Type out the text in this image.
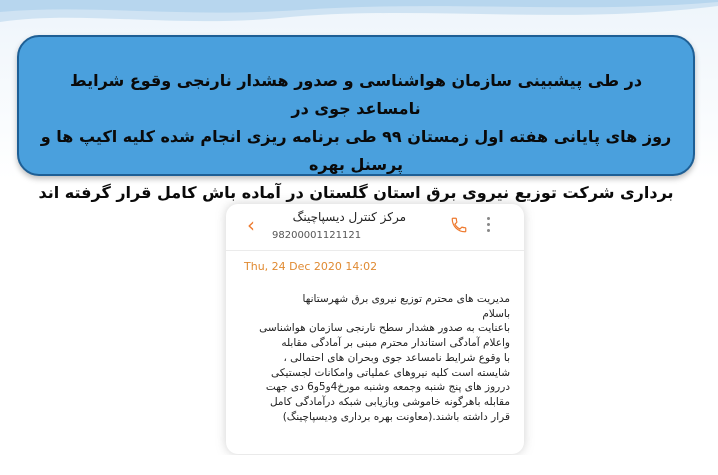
در طی پیشبینی سازمان هواشناسی و صدور هشدار نارنجی وقوع شرایط نامساعد جوی در
روز های پایانی هفته اول زمستان ۹۹ طی برنامه ریزی انجام شده کلیه اکیپ ها و پرسنل بهره
برداری شرکت توزیع نیروی برق استان گلستان در آماده باش کامل قرار گرفته اند
‹	مرکز کنترل دیسپاچینگ
98200001121121
Thu, 24 Dec 2020 14:02
مدیریت های محترم توزیع نیروی برق شهرستانها
باسلام
باعنایت به صدور هشدار سطح نارنجی سازمان هواشناسی
واعلام آمادگی استاندار محترم مبنی بر آمادگی مقابله
با وقوع شرایط نامساعد جوی وبحران های احتمالی ،
شایسته است کلیه نیروهای عملیاتی وامکانات لجستیکی
درروز های پنج شنبه وجمعه وشنبه مورخ4و5و6 دی جهت
مقابله باهرگونه خاموشی وبازیابی شبکه درآمادگی کامل
قرار داشته باشند.(معاونت بهره برداری ودیسپاچینگ)
